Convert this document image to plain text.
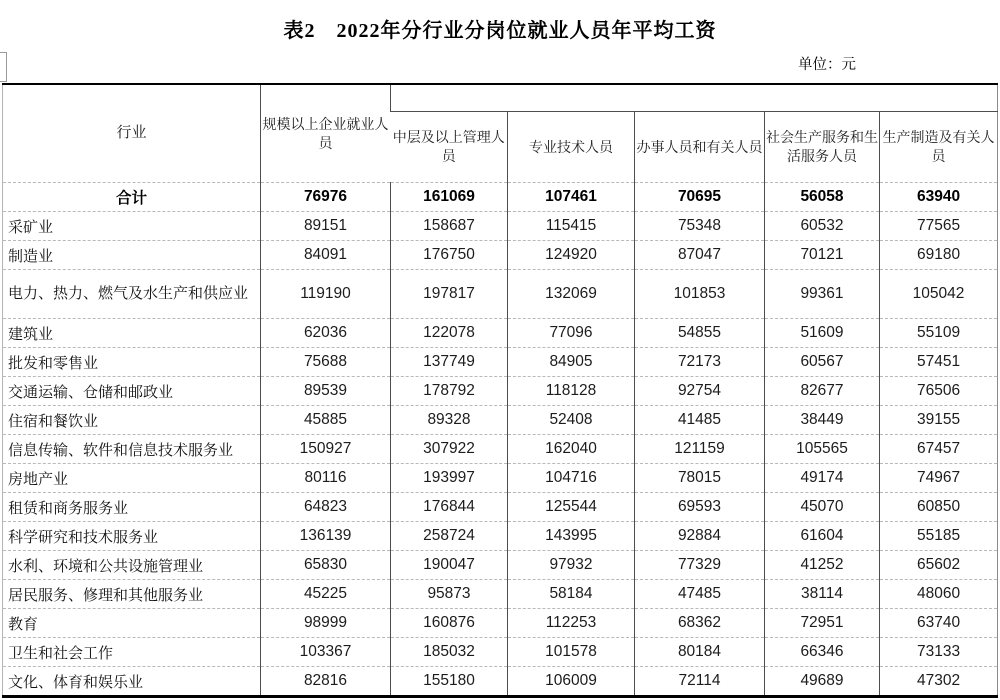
表2　2022年分行业分岗位就业人员年平均工资
单位：元
行业	规模以上企业就业人员					
		中层及以上管理人员	专业技术人员	办事人员和有关人员	社会生产服务和生活服务人员	生产制造及有关人员
合计	76976	161069	107461	70695	56058	63940
采矿业	89151	158687	115415	75348	60532	77565
制造业	84091	176750	124920	87047	70121	69180
电力、热力、燃气及水生产和供应业	119190	197817	132069	101853	99361	105042
建筑业	62036	122078	77096	54855	51609	55109
批发和零售业	75688	137749	84905	72173	60567	57451
交通运输、仓储和邮政业	89539	178792	118128	92754	82677	76506
住宿和餐饮业	45885	89328	52408	41485	38449	39155
信息传输、软件和信息技术服务业	150927	307922	162040	121159	105565	67457
房地产业	80116	193997	104716	78015	49174	74967
租赁和商务服务业	64823	176844	125544	69593	45070	60850
科学研究和技术服务业	136139	258724	143995	92884	61604	55185
水利、环境和公共设施管理业	65830	190047	97932	77329	41252	65602
居民服务、修理和其他服务业	45225	95873	58184	47485	38114	48060
教育	98999	160876	112253	68362	72951	63740
卫生和社会工作	103367	185032	101578	80184	66346	73133
文化、体育和娱乐业	82816	155180	106009	72114	49689	47302
